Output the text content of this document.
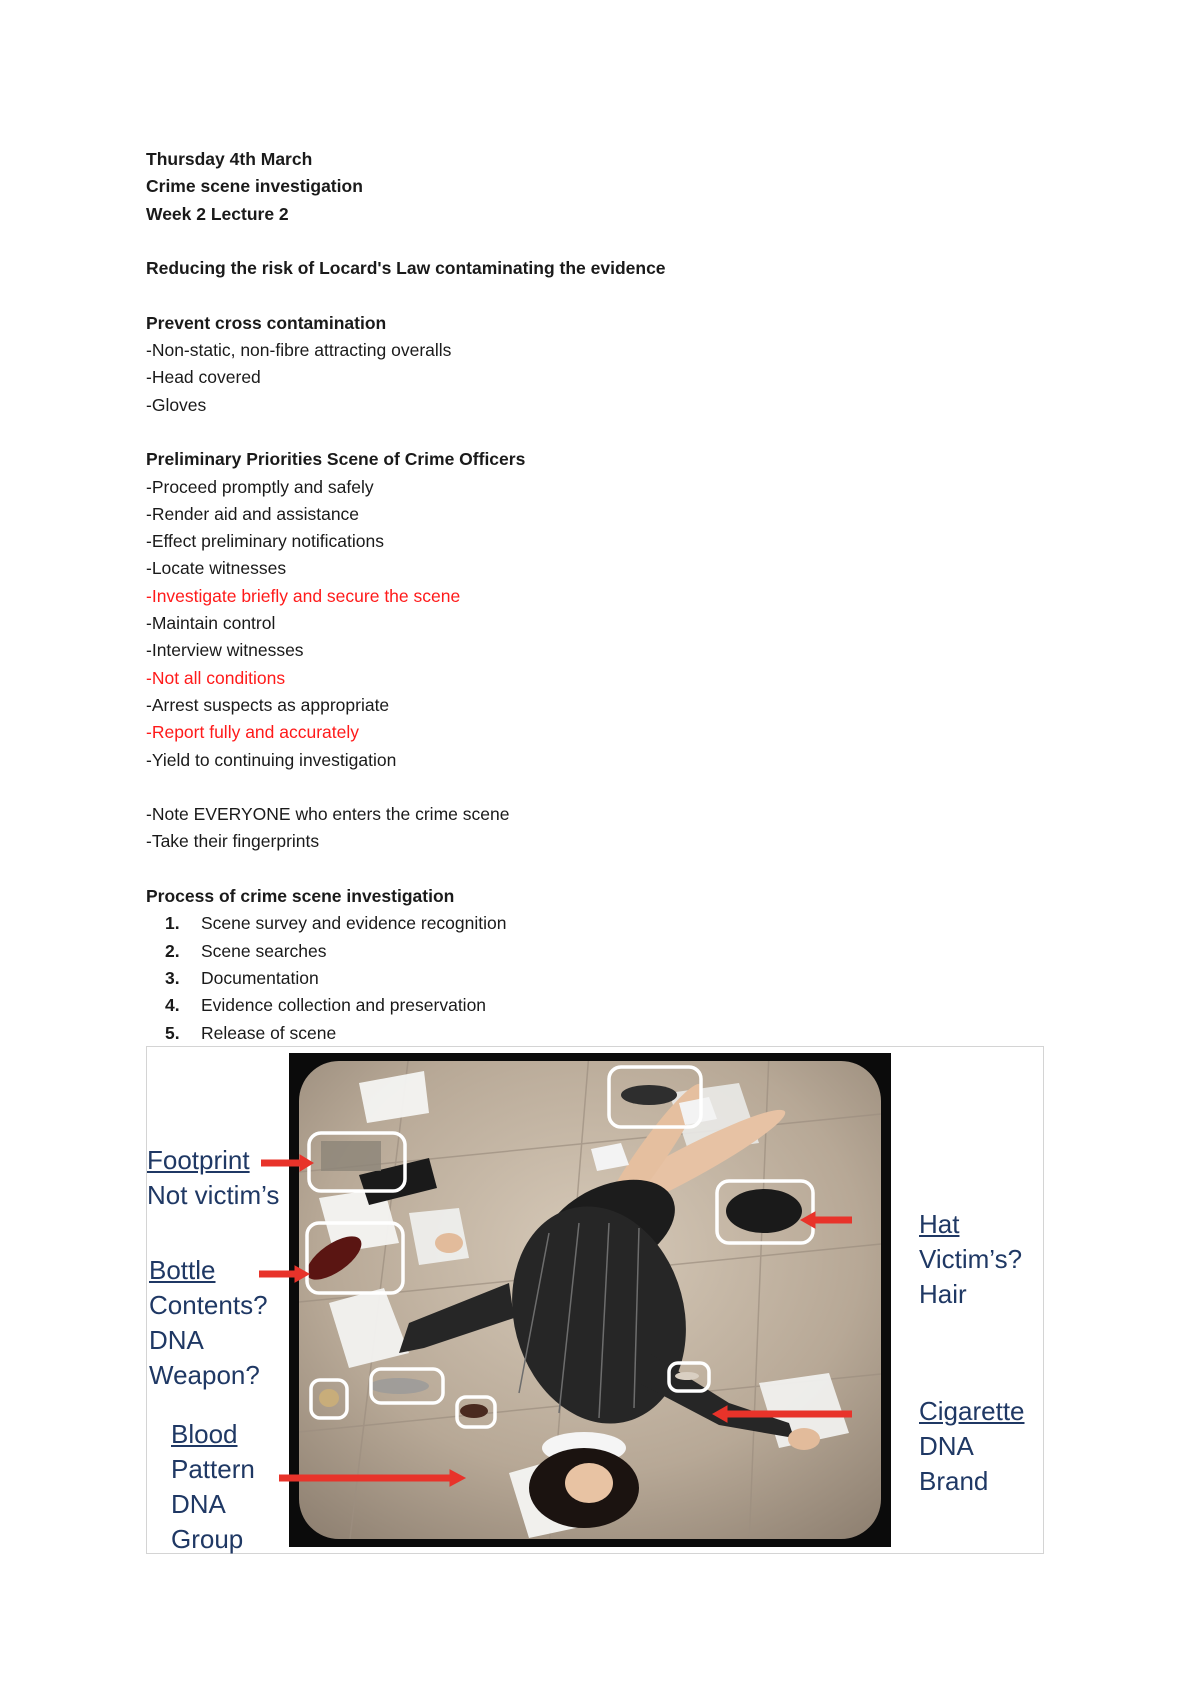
Thursday 4th March
Crime scene investigation
Week 2 Lecture 2
Reducing the risk of Locard's Law contaminating the evidence
Prevent cross contamination
-Non-static, non-fibre attracting overalls
-Head covered
-Gloves
Preliminary Priorities Scene of Crime Officers
-Proceed promptly and safely
-Render aid and assistance
-Effect preliminary notifications
-Locate witnesses
-Investigate briefly and secure the scene
-Maintain control
-Interview witnesses
-Not all conditions
-Arrest suspects as appropriate
-Report fully and accurately
-Yield to continuing investigation
-Note EVERYONE who enters the crime scene
-Take their fingerprints
Process of crime scene investigation
1. Scene survey and evidence recognition
2. Scene searches
3. Documentation
4. Evidence collection and preservation
5. Release of scene
Footprint
Not victim’s
Bottle
Contents?
DNA
Weapon?
Blood
Pattern
DNA
Group
Hat
Victim’s?
Hair
Cigarette
DNA
Brand
